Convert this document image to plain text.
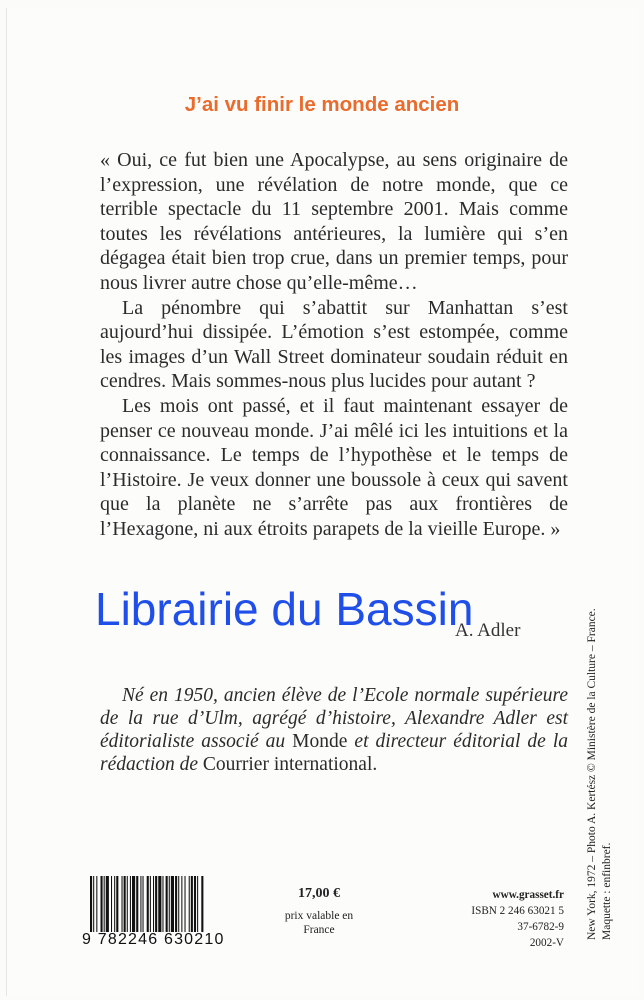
J’ai vu finir le monde ancien

« Oui, ce fut bien une Apocalypse, au sens originaire de l’expression, une révélation de notre monde, que ce terrible spectacle du 11 septembre 2001. Mais comme toutes les révélations antérieures, la lumière qui s’en dégagea était bien trop crue, dans un premier temps, pour nous livrer autre chose qu’elle-même…

La pénombre qui s’abattit sur Manhattan s’est aujourd’hui dissipée. L’émotion s’est estompée, comme les images d’un Wall Street dominateur soudain réduit en cendres. Mais sommes-nous plus lucides pour autant ?

Les mois ont passé, et il faut maintenant essayer de penser ce nouveau monde. J’ai mêlé ici les intuitions et la connaissance. Le temps de l’hypothèse et le temps de l’Histoire. Je veux donner une boussole à ceux qui savent que la planète ne s’arrête pas aux frontières de l’Hexagone, ni aux étroits parapets de la vieille Europe. »

A. Adler
Né en 1950, ancien élève de l’Ecole normale supérieure de la rue d’Ulm, agrégé d’histoire, Alexandre Adler est éditorialiste associé au Monde et directeur éditorial de la rédaction de Courrier international.
Librairie du Bassin	New York, 1972 – Photo A. Kertész © Ministère de la Culture – France. Maquette : enfinbref.
9 782246 630210
17,00 €
prix valable en
France
www.grasset.fr
ISBN 2 246 63021 5
37-6782-9
2002-V
